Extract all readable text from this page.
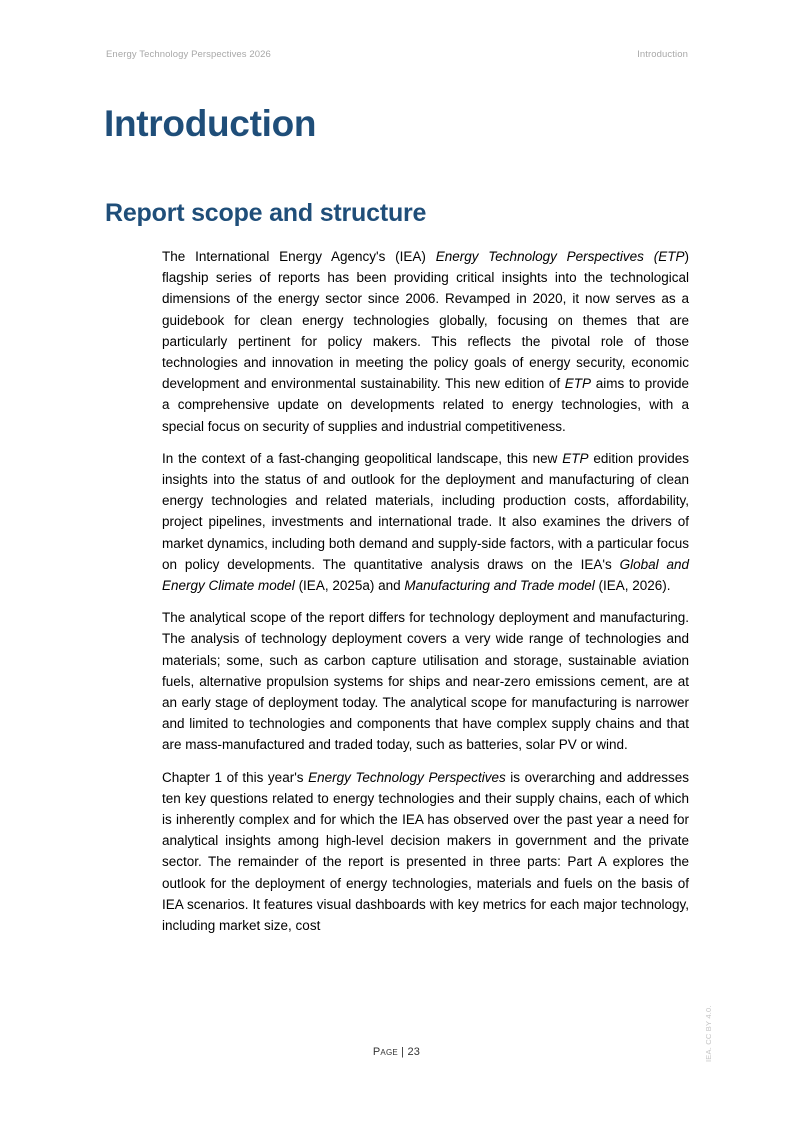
Energy Technology Perspectives 2026	Introduction
Introduction
Report scope and structure

The International Energy Agency's (IEA) Energy Technology Perspectives (ETP) flagship series of reports has been providing critical insights into the technological dimensions of the energy sector since 2006. Revamped in 2020, it now serves as a guidebook for clean energy technologies globally, focusing on themes that are particularly pertinent for policy makers. This reflects the pivotal role of those technologies and innovation in meeting the policy goals of energy security, economic development and environmental sustainability. This new edition of ETP aims to provide a comprehensive update on developments related to energy technologies, with a special focus on security of supplies and industrial competitiveness.

In the context of a fast-changing geopolitical landscape, this new ETP edition provides insights into the status of and outlook for the deployment and manufacturing of clean energy technologies and related materials, including production costs, affordability, project pipelines, investments and international trade. It also examines the drivers of market dynamics, including both demand and supply-side factors, with a particular focus on policy developments. The quantitative analysis draws on the IEA's Global and Energy Climate model (IEA, 2025a) and Manufacturing and Trade model (IEA, 2026).

The analytical scope of the report differs for technology deployment and manufacturing. The analysis of technology deployment covers a very wide range of technologies and materials; some, such as carbon capture utilisation and storage, sustainable aviation fuels, alternative propulsion systems for ships and near-zero emissions cement, are at an early stage of deployment today. The analytical scope for manufacturing is narrower and limited to technologies and components that have complex supply chains and that are mass-manufactured and traded today, such as batteries, solar PV or wind.

Chapter 1 of this year's Energy Technology Perspectives is overarching and addresses ten key questions related to energy technologies and their supply chains, each of which is inherently complex and for which the IEA has observed over the past year a need for analytical insights among high-level decision makers in government and the private sector. The remainder of the report is presented in three parts: Part A explores the outlook for the deployment of energy technologies, materials and fuels on the basis of IEA scenarios. It features visual dashboards with key metrics for each major technology, including market size, cost

Page | 23	IEA. CC BY 4.0.
